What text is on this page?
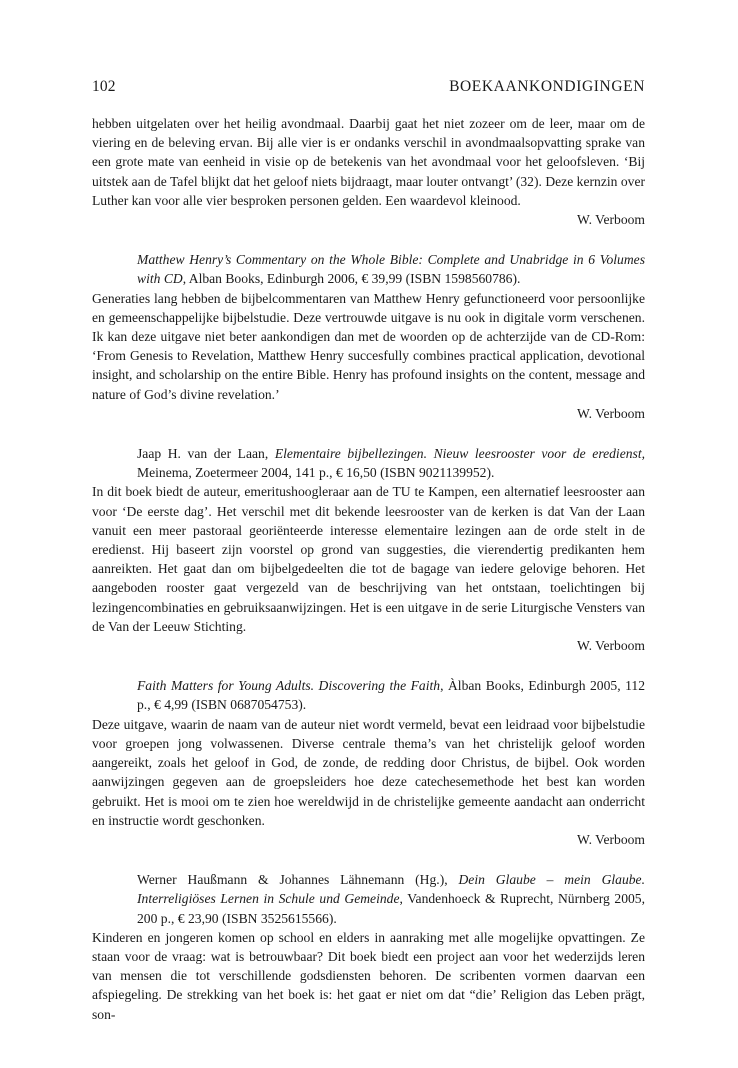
102	BOEKAANKONDIGINGEN

hebben uitgelaten over het heilig avondmaal. Daarbij gaat het niet zozeer om de leer, maar om de viering en de beleving ervan. Bij alle vier is er ondanks verschil in avondmaalsopvatting sprake van een grote mate van eenheid in visie op de betekenis van het avondmaal voor het geloofsleven. ‘Bij uitstek aan de Tafel blijkt dat het geloof niets bijdraagt, maar louter ontvangt’ (32). Deze kernzin over Luther kan voor alle vier besproken personen gelden. Een waardevol kleinood.

W. Verboom

Matthew Henry’s Commentary on the Whole Bible: Complete and Unabridge in 6 Volumes with CD, Alban Books, Edinburgh 2006, € 39,99 (ISBN 1598560786).

Generaties lang hebben de bijbelcommentaren van Matthew Henry gefunctioneerd voor persoonlijke en gemeenschappelijke bijbelstudie. Deze vertrouwde uitgave is nu ook in digitale vorm verschenen. Ik kan deze uitgave niet beter aankondigen dan met de woorden op de achterzijde van de CD-Rom: ‘From Genesis to Revelation, Matthew Henry succesfully combines practical application, devotional insight, and scholarship on the entire Bible. Henry has profound insights on the content, message and nature of God’s divine revelation.’

W. Verboom

Jaap H. van der Laan, Elementaire bijbellezingen. Nieuw leesrooster voor de eredienst, Meinema, Zoetermeer 2004, 141 p., € 16,50 (ISBN 9021139952).

In dit boek biedt de auteur, emeritushoogleraar aan de TU te Kampen, een alternatief leesrooster aan voor ‘De eerste dag’. Het verschil met dit bekende leesrooster van de kerken is dat Van der Laan vanuit een meer pastoraal georiënteerde interesse elementaire lezingen aan de orde stelt in de eredienst. Hij baseert zijn voorstel op grond van suggesties, die vierendertig predikanten hem aanreikten. Het gaat dan om bijbelgedeelten die tot de bagage van iedere gelovige behoren. Het aangeboden rooster gaat vergezeld van de beschrijving van het ontstaan, toelichtingen bij lezingencombinaties en gebruiksaanwijzingen. Het is een uitgave in de serie Liturgische Vensters van de Van der Leeuw Stichting.

W. Verboom

Faith Matters for Young Adults. Discovering the Faith, Àlban Books, Edinburgh 2005, 112 p., € 4,99 (ISBN 0687054753).

Deze uitgave, waarin de naam van de auteur niet wordt vermeld, bevat een leidraad voor bijbelstudie voor groepen jong volwassenen. Diverse centrale thema’s van het christelijk geloof worden aangereikt, zoals het geloof in God, de zonde, de redding door Christus, de bijbel. Ook worden aanwijzingen gegeven aan de groepsleiders hoe deze catechesemethode het best kan worden gebruikt. Het is mooi om te zien hoe wereldwijd in de christelijke gemeente aandacht aan onderricht en instructie wordt geschonken.

W. Verboom

Werner Haußmann & Johannes Lähnemann (Hg.), Dein Glaube – mein Glaube. Interreligiöses Lernen in Schule und Gemeinde, Vandenhoeck & Ruprecht, Nürnberg 2005, 200 p., € 23,90 (ISBN 3525615566).

Kinderen en jongeren komen op school en elders in aanraking met alle mogelijke opvattingen. Ze staan voor de vraag: wat is betrouwbaar? Dit boek biedt een project aan voor het wederzijds leren van mensen die tot verschillende godsdiensten behoren. De scribenten vormen daarvan een afspiegeling. De strekking van het boek is: het gaat er niet om dat “die’ Religion das Leben prägt, son-
